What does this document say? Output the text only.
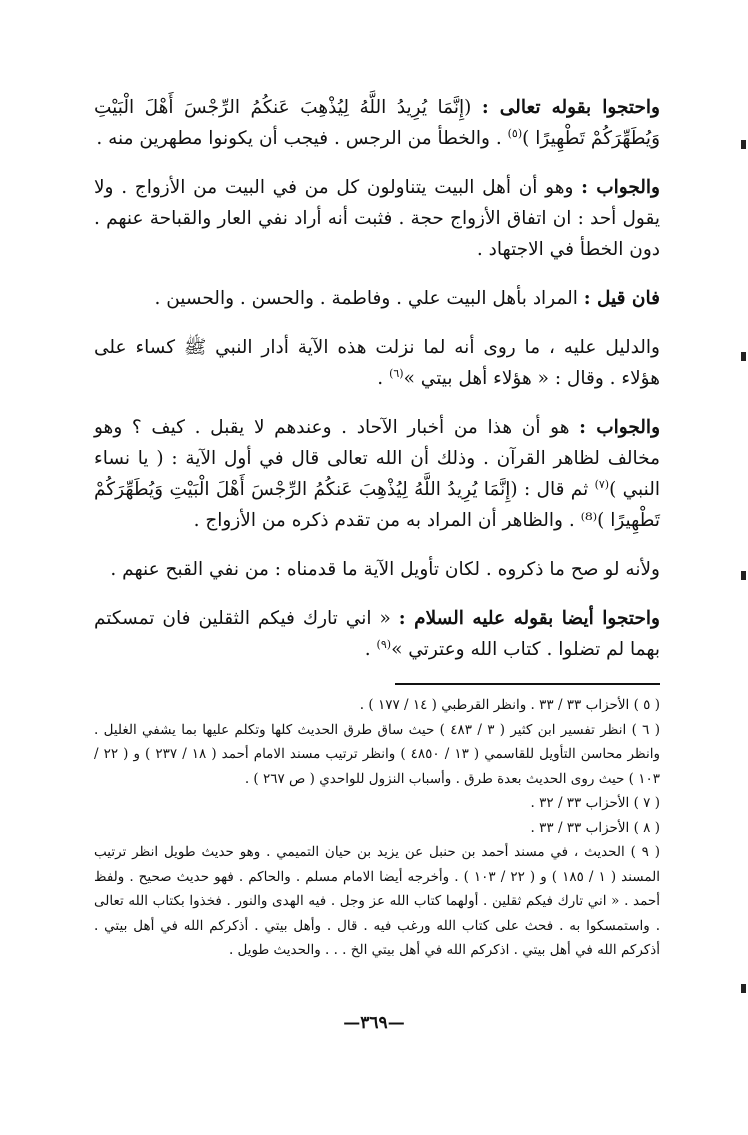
واحتجوا بقوله تعالى : (إِنَّمَا يُرِيدُ اللَّهُ لِيُذْهِبَ عَنكُمُ الرِّجْسَ أَهْلَ الْبَيْتِ وَيُطَهِّرَكُمْ تَطْهِيرًا )$^{(٥)}$ . والخطأ من الرجس . فيجب أن يكونوا مطهرين منه .

والجواب : وهو أن أهل البيت يتناولون كل من في البيت من الأزواج . ولا يقول أحد : ان اتفاق الأزواج حجة . فثبت أنه أراد نفي العار والقباحة عنهم . دون الخطأ في الاجتهاد .

فان قيل : المراد بأهل البيت علي . وفاطمة . والحسن . والحسين .

والدليل عليه ، ما روى أنه لما نزلت هذه الآية أدار النبي ﷺ كساء على هؤلاء . وقال : « هؤلاء أهل بيتي »$^{(٦)}$ .

والجواب : هو أن هذا من أخبار الآحاد . وعندهم لا يقبل . كيف ؟ وهو مخالف لظاهر القرآن . وذلك أن الله تعالى قال في أول الآية : ( يا نساء النبي )$^{(٧)}$ ثم قال : (إِنَّمَا يُرِيدُ اللَّهُ لِيُذْهِبَ عَنكُمُ الرِّجْسَ أَهْلَ الْبَيْتِ وَيُطَهِّرَكُمْ تَطْهِيرًا )⁽⁸⁾ . والظاهر أن المراد به من تقدم ذكره من الأزواج .

ولأنه لو صح ما ذكروه . لكان تأويل الآية ما قدمناه : من نفي القبح عنهم .

واحتجوا أيضا بقوله عليه السلام : « اني تارك فيكم الثقلين فان تمسكتم بهما لم تضلوا . كتاب الله وعترتي »$^{(٩)}$ .

( ٥ ) الأحزاب ٣٣ / ٣٣ . وانظر القرطبي ( ١٤ / ١٧٧ ) .

( ٦ ) انظر تفسير ابن كثير ( ٣ / ٤٨٣ ) حيث ساق طرق الحديث كلها وتكلم عليها بما يشفي الغليل . وانظر محاسن التأويل للقاسمي ( ١٣ / ٤٨٥٠ ) وانظر ترتيب مسند الامام أحمد ( ١٨ / ٢٣٧ ) و ( ٢٢ / ١٠٣ ) حيث روى الحديث بعدة طرق . وأسباب النزول للواحدي ( ص ٢٦٧ ) .

( ٧ ) الأحزاب ٣٣ / ٣٢ .

( ٨ ) الأحزاب ٣٣ / ٣٣ .

( ٩ ) الحديث ، في مسند أحمد بن حنبل عن يزيد بن حيان التميمي . وهو حديث طويل انظر ترتيب المسند ( ١ / ١٨٥ ) و ( ٢٢ / ١٠٣ ) . وأخرجه أيضا الامام مسلم . والحاكم . فهو حديث صحيح . ولفظ أحمد . « اني تارك فيكم ثقلين . أولهما كتاب الله عز وجل . فيه الهدى والنور . فخذوا بكتاب الله تعالى . واستمسكوا به . فحث على كتاب الله ورغب فيه . قال . وأهل بيتي . أذكركم الله في أهل بيتي . أذكركم الله في أهل بيتي . اذكركم الله في أهل بيتي الخ . . . والحديث طويل .

—٣٦٩—
